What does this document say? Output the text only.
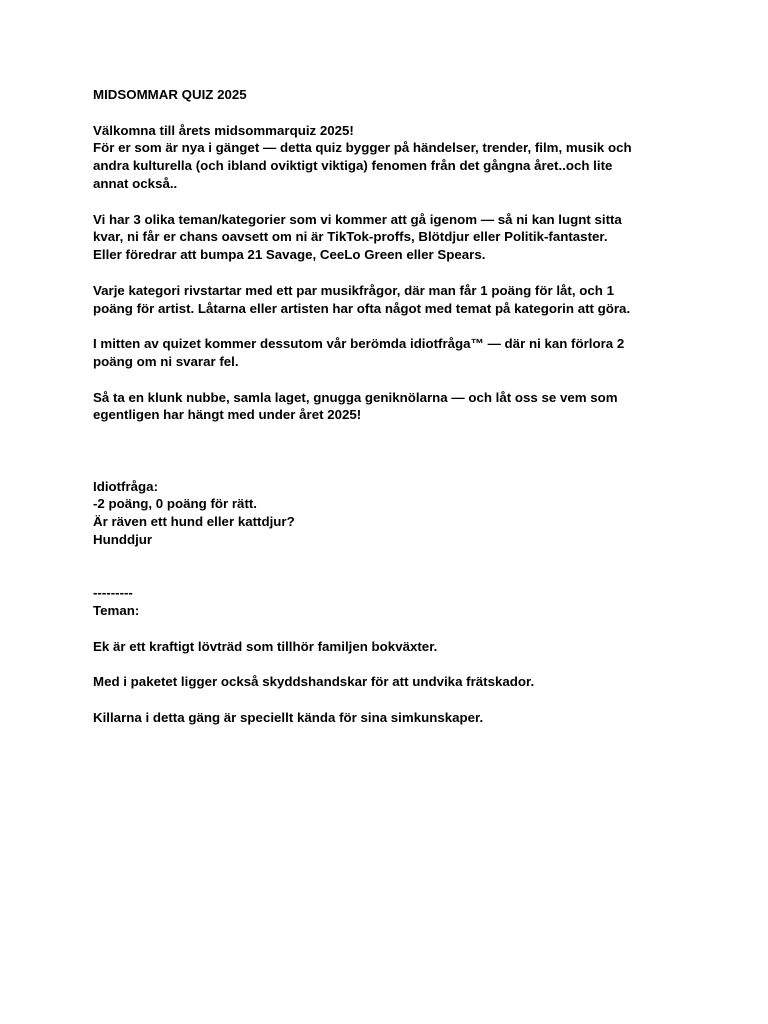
MIDSOMMAR QUIZ 2025

Välkomna till årets midsommarquiz 2025!

För er som är nya i gänget — detta quiz bygger på händelser, trender, film, musik och

andra kulturella (och ibland oviktigt viktiga) fenomen från det gångna året..och lite

annat också..

Vi har 3 olika teman/kategorier som vi kommer att gå igenom — så ni kan lugnt sitta

kvar, ni får er chans oavsett om ni är TikTok-proffs, Blötdjur eller Politik-fantaster.

Eller föredrar att bumpa 21 Savage, CeeLo Green eller Spears.

Varje kategori rivstartar med ett par musikfrågor, där man får 1 poäng för låt, och 1

poäng för artist. Låtarna eller artisten har ofta något med temat på kategorin att göra.

I mitten av quizet kommer dessutom vår berömda idiotfråga™ — där ni kan förlora 2

poäng om ni svarar fel.

Så ta en klunk nubbe, samla laget, gnugga geniknölarna — och låt oss se vem som

egentligen har hängt med under året 2025!

Idiotfråga:

-2 poäng, 0 poäng för rätt.

Är räven ett hund eller kattdjur?

Hunddjur

---------

Teman:

Ek är ett kraftigt lövträd som tillhör familjen bokväxter.

Med i paketet ligger också skyddshandskar för att undvika frätskador.

Killarna i detta gäng är speciellt kända för sina simkunskaper.
